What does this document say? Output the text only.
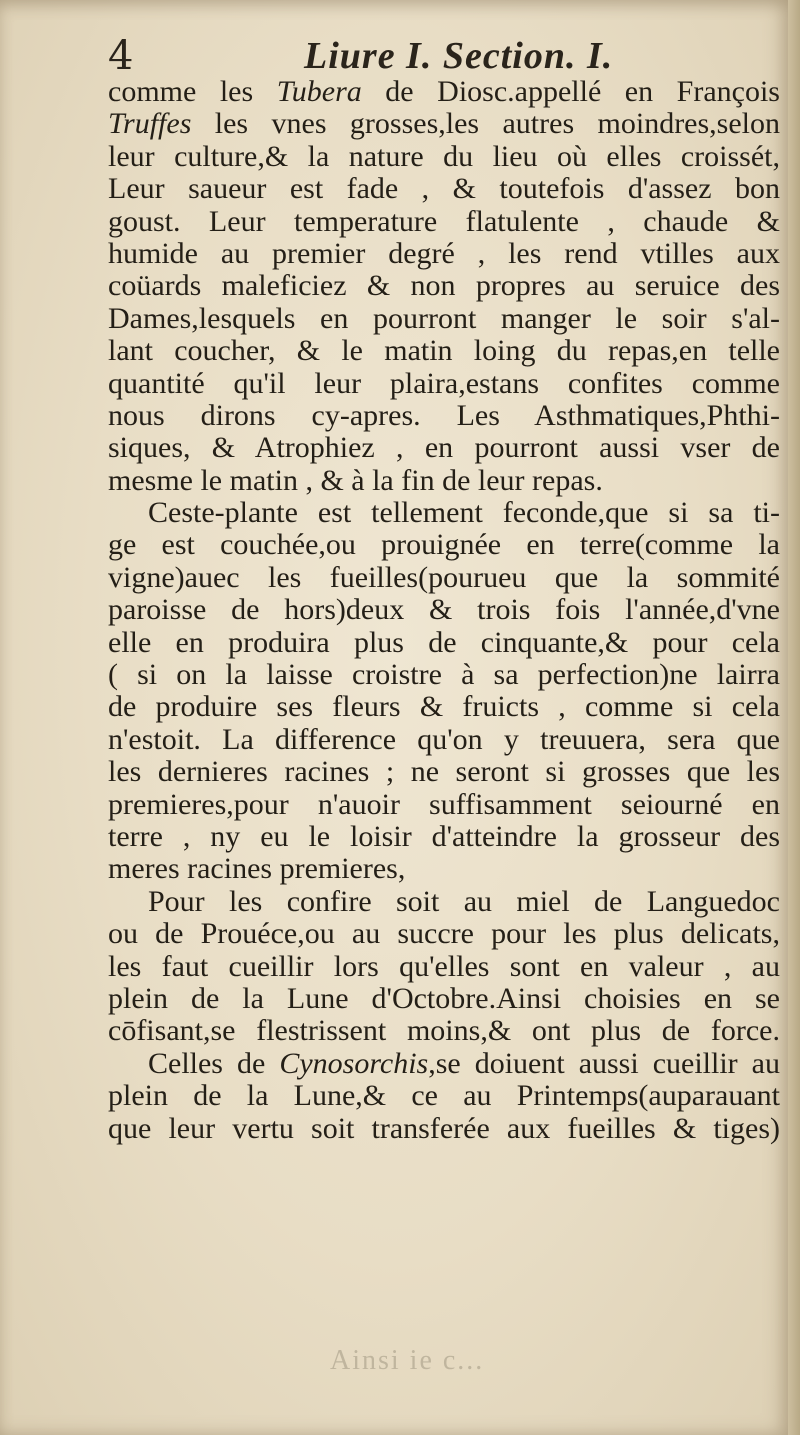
4	Liure I. Section. I.
comme les Tubera de Diosc.appellé en François
Truffes les vnes grosses,les autres moindres,selon
leur culture,& la nature du lieu où elles croissét,
Leur saueur est fade , & toutefois d'assez bon
goust. Leur temperature flatulente , chaude &
humide au premier degré , les rend vtilles aux
coüards maleficiez & non propres au seruice des
Dames,lesquels en pourront manger le soir s'al-
lant coucher, & le matin loing du repas,en telle
quantité qu'il leur plaira,estans confites comme
nous dirons cy-apres. Les Asthmatiques,Phthi-
siques, & Atrophiez , en pourront aussi vser de
mesme le matin , & à la fin de leur repas.
Ceste-plante est tellement feconde,que si sa ti-
ge est couchée,ou prouignée en terre(comme la
vigne)auec les fueilles(pourueu que la sommité
paroisse de hors)deux & trois fois l'année,d'vne
elle en produira plus de cinquante,& pour cela
( si on la laisse croistre à sa perfection)ne lairra
de produire ses fleurs & fruicts , comme si cela
n'estoit. La difference qu'on y treuuera, sera que
les dernieres racines ; ne seront si grosses que les
premieres,pour n'auoir suffisamment seiourné en
terre , ny eu le loisir d'atteindre la grosseur des
meres racines premieres,
Pour les confire soit au miel de Languedoc
ou de Prouéce,ou au succre pour les plus delicats,
les faut cueillir lors qu'elles sont en valeur , au
plein de la Lune d'Octobre.Ainsi choisies en se
cōfisant,se flestrissent moins,& ont plus de force.
Celles de Cynosorchis,se doiuent aussi cueillir au
plein de la Lune,& ce au Printemps(auparauant
que leur vertu soit transferée aux fueilles & tiges)
Ainsi ie c...
